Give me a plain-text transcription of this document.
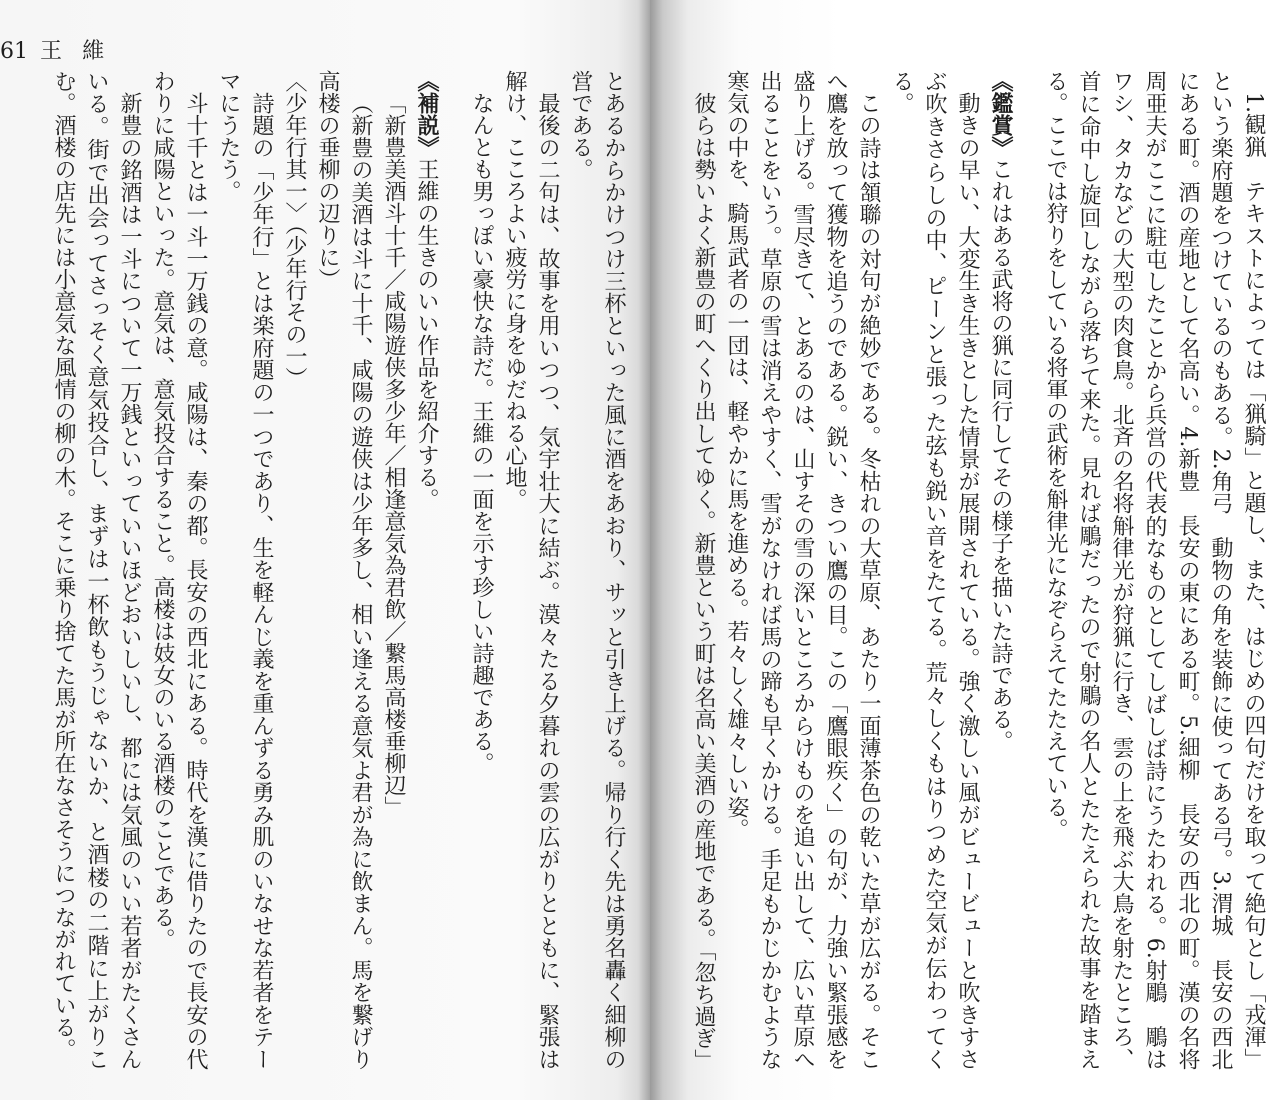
61 王 維

とあるからかけつけ三杯といった風に酒をあおり、サッと引き上げる。帰り行く先は勇名轟く細柳の営である。

最後の二句は、故事を用いつつ、気宇壮大に結ぶ。漠々たる夕暮れの雲の広がりとともに、緊張は解け、こころよい疲労に身をゆだねる心地。

なんとも男っぽい豪快な詩だ。王維の一面を示す珍しい詩趣である。

《補説》王維の生きのいい作品を紹介する。

「新豊美酒斗十千／咸陽遊侠多少年／相逢意気為君飲／繋馬高楼垂柳辺」

（新豊の美酒は斗に十千、咸陽の遊侠は少年多し、相い逢える意気よ君が為に飲まん。馬を繋げり高楼の垂柳の辺りに）

〈少年行其一〉（少年行その一）

詩題の「少年行」とは楽府題の一つであり、生を軽んじ義を重んずる勇み肌のいなせな若者をテーマにうたう。

斗十千とは一斗一万銭の意。咸陽は、秦の都。長安の西北にある。時代を漢に借りたので長安の代わりに咸陽といった。意気は、意気投合すること。高楼は妓女のいる酒楼のことである。

新豊の銘酒は一斗について一万銭といっていいほどおいしいし、都には気風のいい若者がたくさんいる。街で出会ってさっそく意気投合し、まずは一杯飲もうじゃないか、と酒楼の二階に上がりこむ。酒楼の店先には小意気な風情の柳の木。そこに乗り捨てた馬が所在なさそうにつながれている。	1.観猟　テキストによっては「猟騎」と題し、また、はじめの四句だけを取って絶句とし「戎渾」という楽府題をつけているのもある。2.角弓　動物の角を装飾に使ってある弓。3.渭城　長安の西北にある町。酒の産地として名高い。4.新豊　長安の東にある町。5.細柳　長安の西北の町。漢の名将周亜夫がここに駐屯したことから兵営の代表的なものとしてしばしば詩にうたわれる。6.射鵰　鵰はワシ、タカなどの大型の肉食鳥。北斉の名将斛律光が狩猟に行き、雲の上を飛ぶ大鳥を射たところ、首に命中し旋回しながら落ちて来た。見れば鵰だったので射鵰の名人とたたえられた故事を踏まえる。ここでは狩りをしている将軍の武術を斛律光になぞらえてたたえている。

《鑑賞》これはある武将の猟に同行してその様子を描いた詩である。

動きの早い、大変生き生きとした情景が展開されている。強く激しい風がビュービューと吹きすさぶ吹きさらしの中、ピーンと張った弦も鋭い音をたてる。荒々しくもはりつめた空気が伝わってくる。

この詩は頷聯の対句が絶妙である。冬枯れの大草原、あたり一面薄茶色の乾いた草が広がる。そこへ鷹を放って獲物を追うのである。鋭い、きつい鷹の目。この「鷹眼疾く」の句が、力強い緊張感を盛り上げる。雪尽きて、とあるのは、山すその雪の深いところからけものを追い出して、広い草原へ出ることをいう。草原の雪は消えやすく、雪がなければ馬の蹄も早くかける。手足もかじかむような寒気の中を、騎馬武者の一団は、軽やかに馬を進める。若々しく雄々しい姿。

彼らは勢いよく新豊の町へくり出してゆく。新豊という町は名高い美酒の産地である。「忽ち過ぎ」
